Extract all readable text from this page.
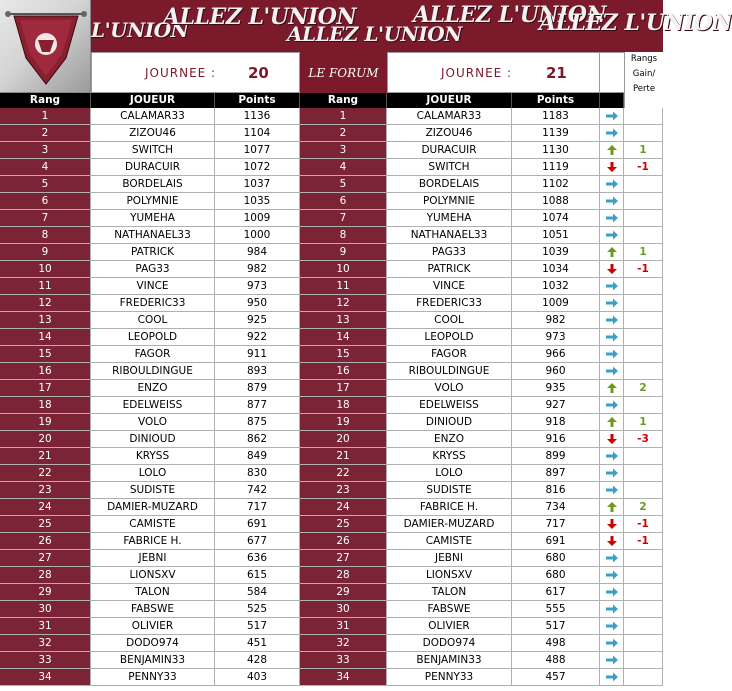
L'UNION
ALLEZ L'UNION
ALLEZ L'UNION
ALLEZ L'UNION
ALLEZ L'UNION
JOURNEE : 20	LE FORUM	JOURNEE : 21
Rangs
Gain/
Perte
Rang	JOUEUR	Points	Rang	JOUEUR	Points
1	CALAMAR33	1136	1	CALAMAR33	1183
2	ZIZOU46	1104	2	ZIZOU46	1139
3	SWITCH	1077	3	DURACUIR	1130	1
4	DURACUIR	1072	4	SWITCH	1119	-1
5	BORDELAIS	1037	5	BORDELAIS	1102
6	POLYMNIE	1035	6	POLYMNIE	1088
7	YUMEHA	1009	7	YUMEHA	1074
8	NATHANAEL33	1000	8	NATHANAEL33	1051
9	PATRICK	984	9	PAG33	1039	1
10	PAG33	982	10	PATRICK	1034	-1
11	VINCE	973	11	VINCE	1032
12	FREDERIC33	950	12	FREDERIC33	1009
13	COOL	925	13	COOL	982
14	LEOPOLD	922	14	LEOPOLD	973
15	FAGOR	911	15	FAGOR	966
16	RIBOULDINGUE	893	16	RIBOULDINGUE	960
17	ENZO	879	17	VOLO	935	2
18	EDELWEISS	877	18	EDELWEISS	927
19	VOLO	875	19	DINIOUD	918	1
20	DINIOUD	862	20	ENZO	916	-3
21	KRYSS	849	21	KRYSS	899
22	LOLO	830	22	LOLO	897
23	SUDISTE	742	23	SUDISTE	816
24	DAMIER-MUZARD	717	24	FABRICE H.	734	2
25	CAMISTE	691	25	DAMIER-MUZARD	717	-1
26	FABRICE H.	677	26	CAMISTE	691	-1
27	JEBNI	636	27	JEBNI	680
28	LIONSXV	615	28	LIONSXV	680
29	TALON	584	29	TALON	617
30	FABSWE	525	30	FABSWE	555
31	OLIVIER	517	31	OLIVIER	517
32	DODO974	451	32	DODO974	498
33	BENJAMIN33	428	33	BENJAMIN33	488
34	PENNY33	403	34	PENNY33	457
